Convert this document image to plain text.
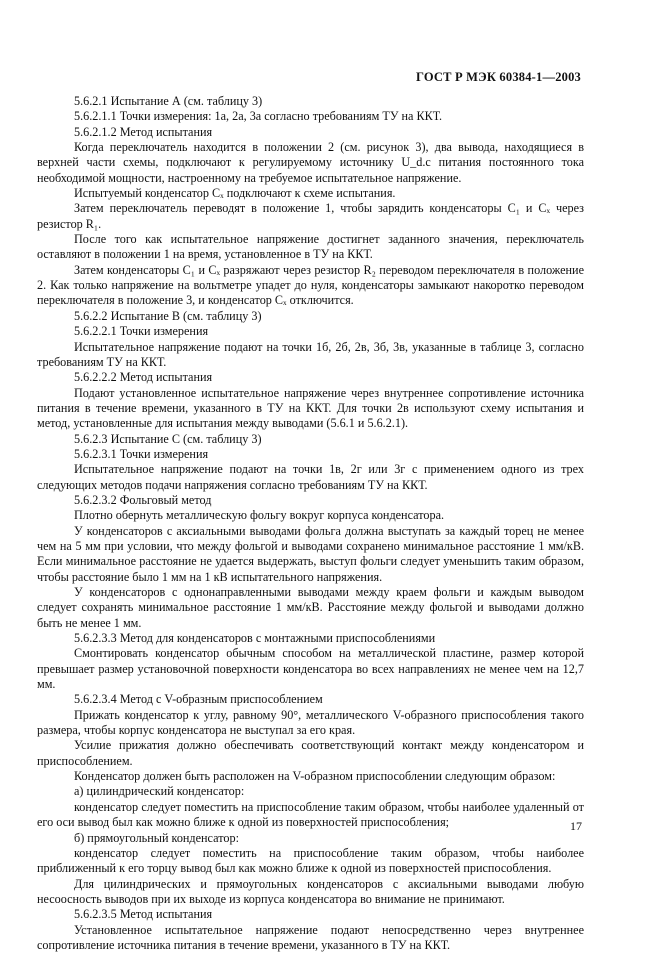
ГОСТ Р МЭК 60384-1—2003

5.6.2.1 Испытание А (см. таблицу 3)

5.6.2.1.1 Точки измерения: 1а, 2а, 3а согласно требованиям ТУ на ККТ.

5.6.2.1.2 Метод испытания

Когда переключатель находится в положении 2 (см. рисунок 3), два вывода, находящиеся в верхней части схемы, подключают к регулируемому источнику U_d.c питания постоянного тока необходимой мощности, настроенному на требуемое испытательное напряжение.

Испытуемый конденсатор Cₓ подключают к схеме испытания.

Затем переключатель переводят в положение 1, чтобы зарядить конденсаторы C₁ и Cₓ через резистор R₁.

После того как испытательное напряжение достигнет заданного значения, переключатель оставляют в положении 1 на время, установленное в ТУ на ККТ.

Затем конденсаторы C₁ и Cₓ разряжают через резистор R₂ переводом переключателя в положение 2. Как только напряжение на вольтметре упадет до нуля, конденсаторы замыкают накоротко переводом переключателя в положение 3, и конденсатор Cₓ отключится.

5.6.2.2 Испытание В (см. таблицу 3)

5.6.2.2.1 Точки измерения

Испытательное напряжение подают на точки 1б, 2б, 2в, 3б, 3в, указанные в таблице 3, согласно требованиям ТУ на ККТ.

5.6.2.2.2 Метод испытания

Подают установленное испытательное напряжение через внутреннее сопротивление источника питания в течение времени, указанного в ТУ на ККТ. Для точки 2в используют схему испытания и метод, установленные для испытания между выводами (5.6.1 и 5.6.2.1).

5.6.2.3 Испытание С (см. таблицу 3)

5.6.2.3.1 Точки измерения

Испытательное напряжение подают на точки 1в, 2г или 3г с применением одного из трех следующих методов подачи напряжения согласно требованиям ТУ на ККТ.

5.6.2.3.2 Фольговый метод

Плотно обернуть металлическую фольгу вокруг корпуса конденсатора.

У конденсаторов с аксиальными выводами фольга должна выступать за каждый торец не менее чем на 5 мм при условии, что между фольгой и выводами сохранено минимальное расстояние 1 мм/кВ. Если минимальное расстояние не удается выдержать, выступ фольги следует уменьшить таким образом, чтобы расстояние было 1 мм на 1 кВ испытательного напряжения.

У конденсаторов с однонаправленными выводами между краем фольги и каждым выводом следует сохранять минимальное расстояние 1 мм/кВ. Расстояние между фольгой и выводами должно быть не менее 1 мм.

5.6.2.3.3 Метод для конденсаторов с монтажными приспособлениями

Смонтировать конденсатор обычным способом на металлической пластине, размер которой превышает размер установочной поверхности конденсатора во всех направлениях не менее чем на 12,7 мм.

5.6.2.3.4 Метод с V-образным приспособлением

Прижать конденсатор к углу, равному 90°, металлического V-образного приспособления такого размера, чтобы корпус конденсатора не выступал за его края.

Усилие прижатия должно обеспечивать соответствующий контакт между конденсатором и приспособлением.

Конденсатор должен быть расположен на V-образном приспособлении следующим образом:

а) цилиндрический конденсатор:

конденсатор следует поместить на приспособление таким образом, чтобы наиболее удаленный от его оси вывод был как можно ближе к одной из поверхностей приспособления;

б) прямоугольный конденсатор:

конденсатор следует поместить на приспособление таким образом, чтобы наиболее приближенный к его торцу вывод был как можно ближе к одной из поверхностей приспособления.

Для цилиндрических и прямоугольных конденсаторов с аксиальными выводами любую несоосность выводов при их выходе из корпуса конденсатора во внимание не принимают.

5.6.2.3.5 Метод испытания

Установленное испытательное напряжение подают непосредственно через внутреннее сопротивление источника питания в течение времени, указанного в ТУ на ККТ.

17
